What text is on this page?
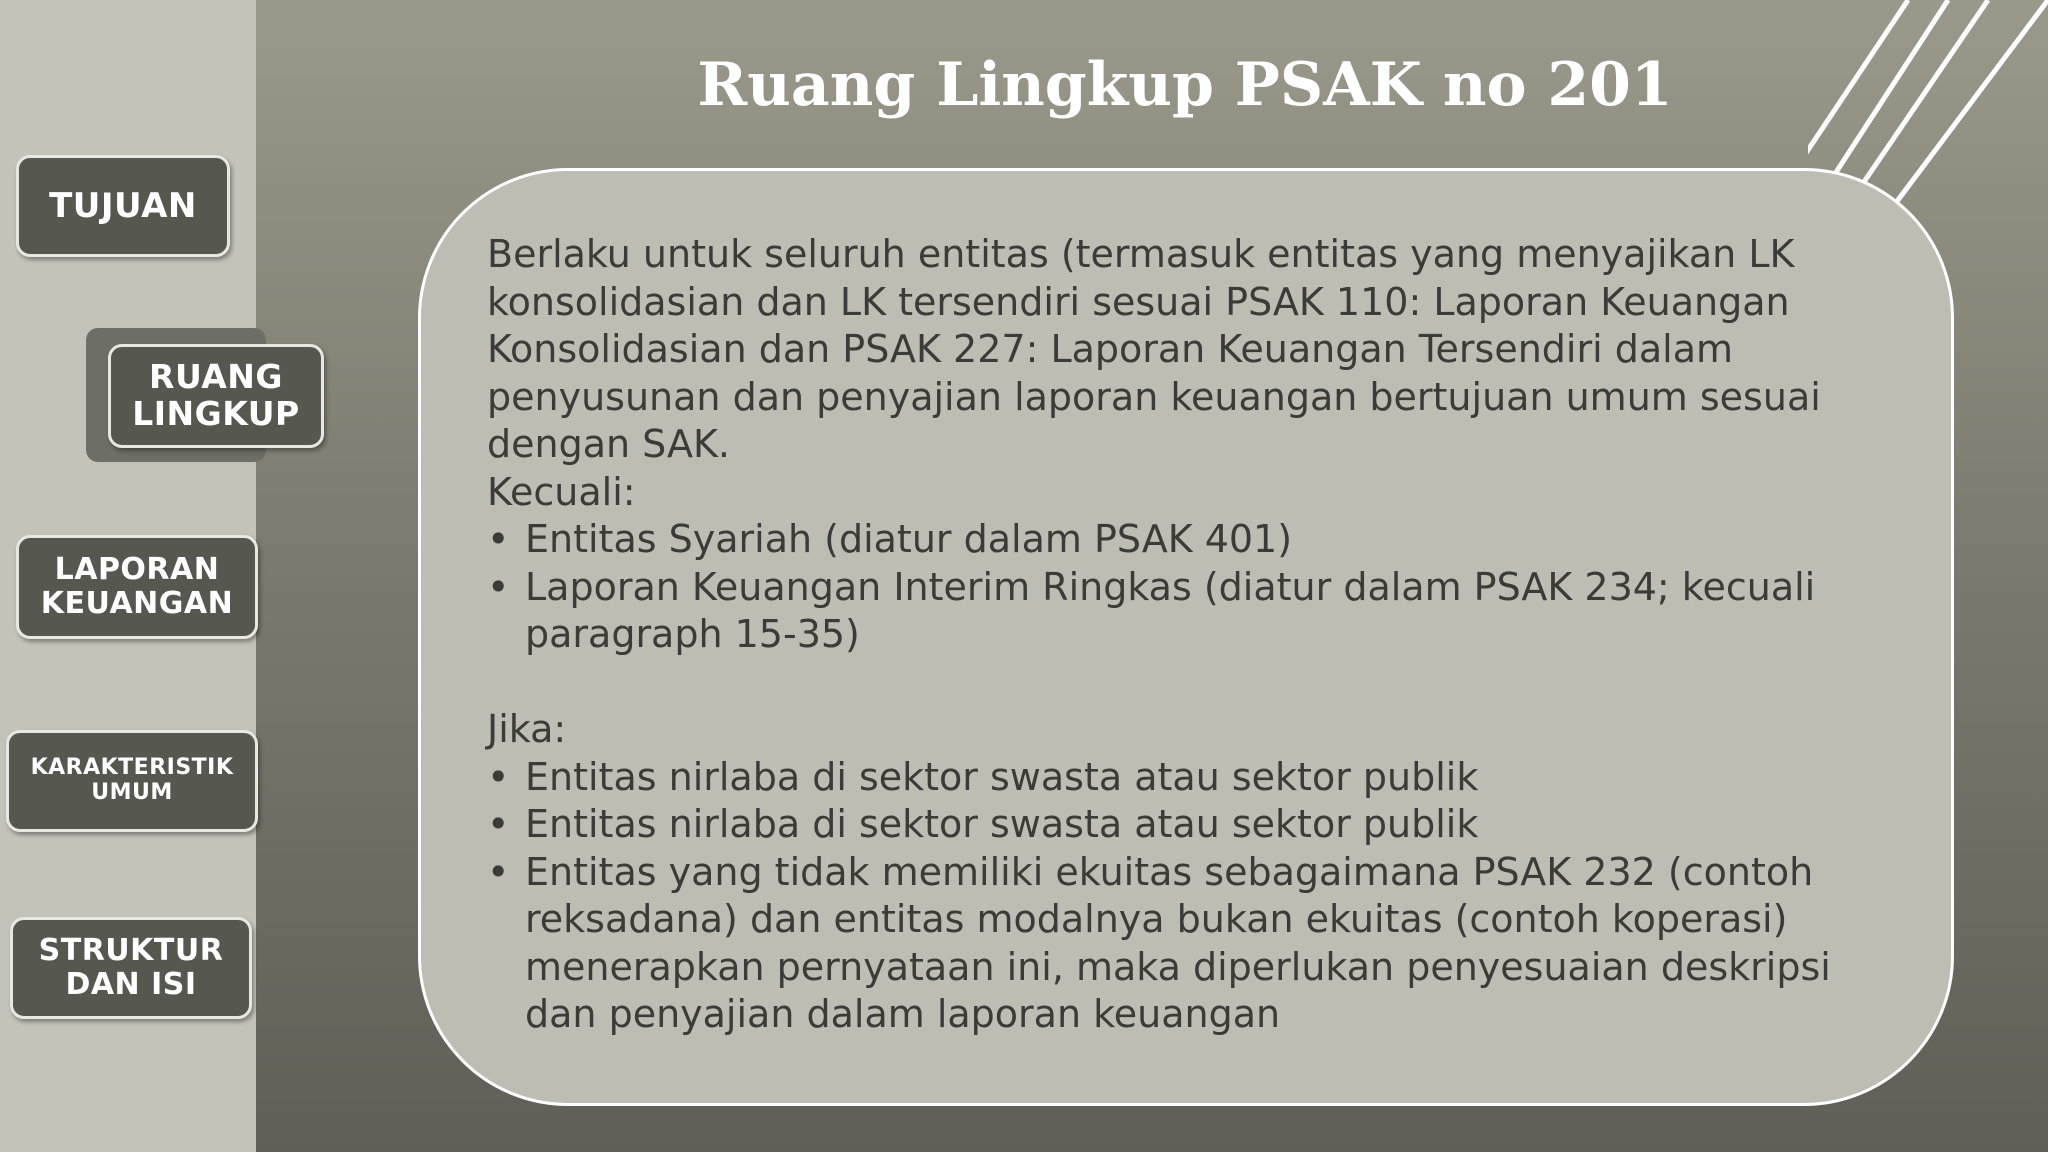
TUJUAN
RUANG
LINGKUP
LAPORAN
KEUANGAN
KARAKTERISTIK
UMUM
STRUKTUR
DAN ISI
Ruang Lingkup PSAK no 201

Berlaku untuk seluruh entitas (termasuk entitas yang menyajikan LK konsolidasian dan LK tersendiri sesuai PSAK 110: Laporan Keuangan Konsolidasian dan PSAK 227: Laporan Keuangan Tersendiri dalam penyusunan dan penyajian laporan keuangan bertujuan umum sesuai dengan SAK.

Kecuali:

• Entitas Syariah (diatur dalam PSAK 401)
• Laporan Keuangan Interim Ringkas (diatur dalam PSAK 234; kecuali paragraph 15-35)

Jika:

• Entitas nirlaba di sektor swasta atau sektor publik
• Entitas nirlaba di sektor swasta atau sektor publik
• Entitas yang tidak memiliki ekuitas sebagaimana PSAK 232 (contoh reksadana) dan entitas modalnya bukan ekuitas (contoh koperasi) menerapkan pernyataan ini, maka diperlukan penyesuaian deskripsi dan penyajian dalam laporan keuangan
